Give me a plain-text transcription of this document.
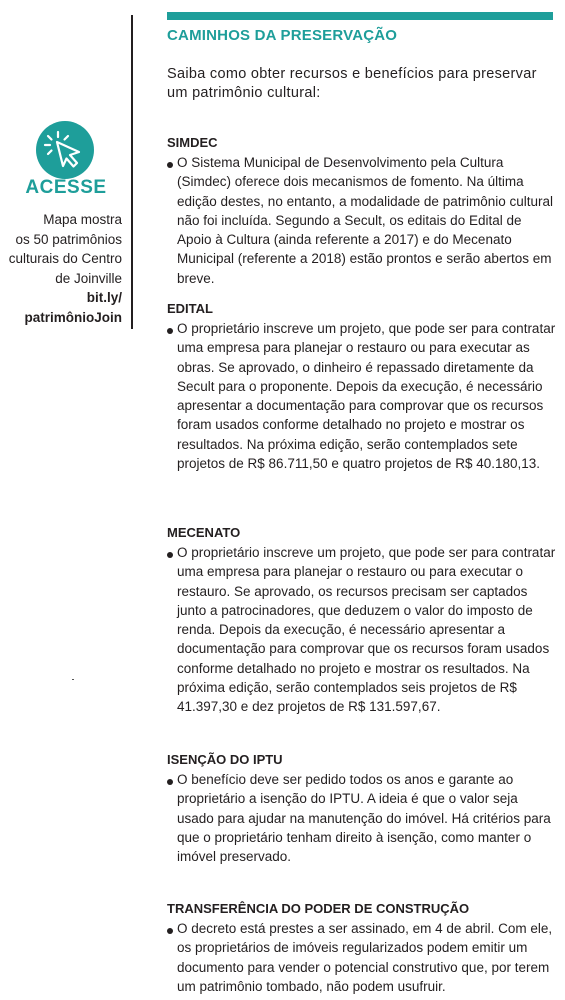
ACESSE
Mapa mostra
os 50 patrimônios
culturais do Centro
de Joinville
bit.ly/
patrimônioJoin
CAMINHOS DA PRESERVAÇÃO
Saiba como obter recursos e benefícios para preservar um patrimônio cultural:
SIMDEC
O Sistema Municipal de Desenvolvimento pela Cultura (Simdec) oferece dois mecanismos de fomento. Na última edição destes, no entanto, a modalidade de patrimônio cultural não foi incluída. Segundo a Secult, os editais do Edital de Apoio à Cultura (ainda referente a 2017) e do Mecenato Municipal (referente a 2018) estão prontos e serão abertos em breve.
EDITAL
O proprietário inscreve um projeto, que pode ser para contratar uma empresa para planejar o restauro ou para executar as obras. Se aprovado, o dinheiro é repassado diretamente da Secult para o proponente. Depois da execução, é necessário apresentar a documentação para comprovar que os recursos foram usados conforme detalhado no projeto e mostrar os resultados. Na próxima edição, serão contemplados sete projetos de R$ 86.711,50 e quatro projetos de R$ 40.180,13.
MECENATO
O proprietário inscreve um projeto, que pode ser para contratar uma empresa para planejar o restauro ou para executar o restauro. Se aprovado, os recursos precisam ser captados junto a patrocinadores, que deduzem o valor do imposto de renda. Depois da execução, é necessário apresentar a documentação para comprovar que os recursos foram usados conforme detalhado no projeto e mostrar os resultados. Na próxima edição, serão contemplados seis projetos de R$ 41.397,30 e dez projetos de R$ 131.597,67.
ISENÇÃO DO IPTU
O benefício deve ser pedido todos os anos e garante ao proprietário a isenção do IPTU. A ideia é que o valor seja usado para ajudar na manutenção do imóvel. Há critérios para que o proprietário tenham direito à isenção, como manter o imóvel preservado.
TRANSFERÊNCIA DO PODER DE CONSTRUÇÃO
O decreto está prestes a ser assinado, em 4 de abril. Com ele, os proprietários de imóveis regularizados podem emitir um documento para vender o potencial construtivo que, por terem um patrimônio tombado, não podem usufruir.
